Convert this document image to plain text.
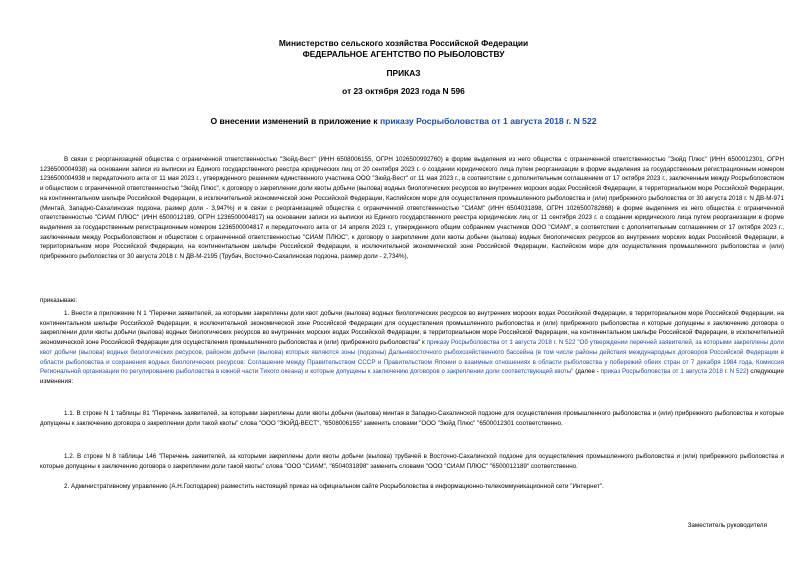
Министерство сельского хозяйства Российской Федерации
ФЕДЕРАЛЬНОЕ АГЕНТСТВО ПО РЫБОЛОВСТВУ
ПРИКАЗ
от 23 октября 2023 года N 596
О внесении изменений в приложение к приказу Росрыболовства от 1 августа 2018 г. N 522
В связи с реорганизацией общества с ограниченной ответственностью "Зюйд-Вест" (ИНН 6508006155, ОГРН 1026500992760) в форме выделения из него общества с ограниченной ответственностью "Зюйд Плюс" (ИНН 6500012301, ОГРН 1236500004938) на основании записи из выписки из Единого государственного реестра юридических лиц от 20 сентября 2023 г. о создании юридического лица путем реорганизации в форме выделения за государственным регистрационным номером 1236500004938 и передаточного акта от 11 мая 2023 г., утвержденного решением единственного участника ООО "Зюйд-Вест" от 11 мая 2023 г., в соответствии с дополнительным соглашением от 17 октября 2023 г., заключенным между Росрыболовством и обществом с ограниченной ответственностью "Зюйд Плюс", к договору о закреплении доли квоты добычи (вылова) водных биологических ресурсов во внутренних морских водах Российской Федерации, в территориальном море Российской Федерации, на континентальном шельфе Российской Федерации, в исключительной экономической зоне Российской Федерации, Каспийском море для осуществления промышленного рыболовства и (или) прибрежного рыболовства от 30 августа 2018 г. N ДВ-М-971 (Минтай, Западно-Сахалинская подзона, размер доли - 3,947%) и в связи с реорганизацией общества с ограниченной ответственностью "СИАМ" (ИНН 6504031898, ОГРН 1026500782868) в форме выделения из него общества с ограниченной ответственностью "СИАМ ПЛЮС" (ИНН 6500012189, ОГРН 1236500004817) на основании записи из выписки из Единого государственного реестра юридических лиц от 11 сентября 2023 г. о создании юридического лица путем реорганизации в форме выделения за государственным регистрационным номером 1236500004817 и передаточного акта от 14 апреля 2023 г., утвержденного общим собранием участников ООО "СИАМ", в соответствии с дополнительным соглашением от 17 октября 2023 г., заключенным между Росрыболовством и обществом с ограниченной ответственностью "СИАМ ПЛЮС", к договору о закреплении доли квоты добычи (вылова) водных биологических ресурсов во внутренних морских водах Российской Федерации, в территориальном море Российской Федерации, на континентальном шельфе Российской Федерации, в исключительной экономической зоне Российской Федерации, Каспийском море для осуществления промышленного рыболовства и (или) прибрежного рыболовства от 30 августа 2018 г. N ДВ-М-2195 (Трубач, Восточно-Сахалинская подзона, размер доли - 2,734%),
приказываю:
1. Внести в приложение N 1 "Перечни заявителей, за которыми закреплены доли квот добычи (вылова) водных биологических ресурсов во внутренних морских водах Российской Федерации, в территориальном море Российской Федерации, на континентальном шельфе Российской Федерации, в исключительной экономической зоне Российской Федерации для осуществления промышленного рыболовства и (или) прибрежного рыболовства и которые допущены к заключению договора о закреплении доли квоты добычи (вылова) водных биологических ресурсов во внутренних морских водах Российской Федерации, в территориальном море Российской Федерации, на континентальном шельфе Российской Федерации, в исключительной экономической зоне Российской Федерации для осуществления промышленного рыболовства и (или) прибрежного рыболовства" к приказу Росрыболовства от 1 августа 2018 г. N 522 "Об утверждении перечней заявителей, за которыми закреплены доли квот добычи (вылова) водных биологических ресурсов, районом добычи (вылова) которых являются зоны (подзоны) Дальневосточного рыбохозяйственного бассейна (в том числе районы действия международных договоров Российской Федерации в области рыболовства и сохранения водных биологических ресурсов: Соглашение между Правительством СССР и Правительством Японии о взаимных отношениях в области рыболовства у побережий обеих стран от 7 декабря 1984 года, Комиссия Региональной организации по регулированию рыболовства в южной части Тихого океана) и которые допущены к заключению договоров о закреплении доли соответствующей квоты" (далее - приказ Росрыболовства от 1 августа 2018 г. N 522) следующие изменения:
1.1. В строке N 1 таблицы 81 "Перечень заявителей, за которыми закреплены доли квоты добычи (вылова) минтая в Западно-Сахалинской подзоне для осуществления промышленного рыболовства и (или) прибрежного рыболовства и которые допущены к заключению договора о закреплении доли такой квоты" слова "ООО "ЗЮЙД-ВЕСТ", "6508006155" заменить словами "ООО "Зюйд Плюс" "6500012301 соответственно.
1.2. В строке N 8 таблицы 146 "Перечень заявителей, за которыми закреплены доли квоты добычи (вылова) трубачей в Восточно-Сахалинской подзоне для осуществления промышленного рыболовства и (или) прибрежного рыболовства и которые допущены к заключению договора о закреплении доли такой квоты" слова "ООО "СИАМ", "6504031898" заменить словами "ООО "СИАМ ПЛЮС" "6500012189" соответственно.
2. Административному управлению (А.Н.Господарев) разместить настоящий приказ на официальном сайте Росрыболовства в информационно-телекоммуникационной сети "Интернет".
Заместитель руководителя
